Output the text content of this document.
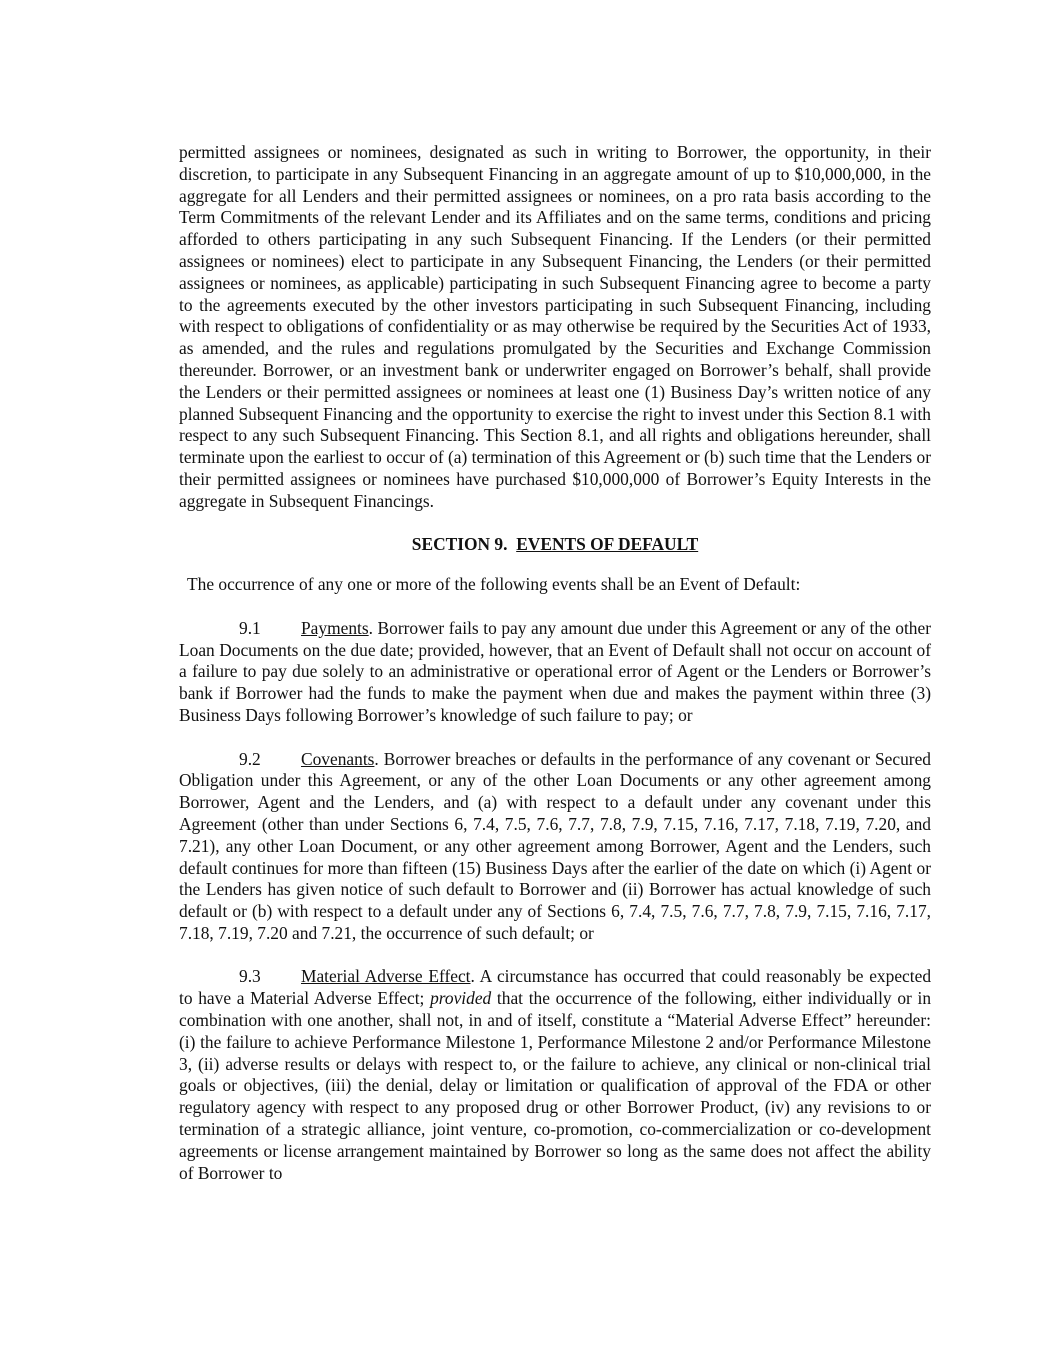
permitted assignees or nominees, designated as such in writing to Borrower, the opportunity, in their discretion, to participate in any Subsequent Financing in an aggregate amount of up to $10,000,000, in the aggregate for all Lenders and their permitted assignees or nominees, on a pro rata basis according to the Term Commitments of the relevant Lender and its Affiliates and on the same terms, conditions and pricing afforded to others participating in any such Subsequent Financing. If the Lenders (or their permitted assignees or nominees) elect to participate in any Subsequent Financing, the Lenders (or their permitted assignees or nominees, as applicable) participating in such Subsequent Financing agree to become a party to the agreements executed by the other investors participating in such Subsequent Financing, including with respect to obligations of confidentiality or as may otherwise be required by the Securities Act of 1933, as amended, and the rules and regulations promulgated by the Securities and Exchange Commission thereunder. Borrower, or an investment bank or underwriter engaged on Borrower’s behalf, shall provide the Lenders or their permitted assignees or nominees at least one (1) Business Day’s written notice of any planned Subsequent Financing and the opportunity to exercise the right to invest under this Section 8.1 with respect to any such Subsequent Financing. This Section 8.1, and all rights and obligations hereunder, shall terminate upon the earliest to occur of (a) termination of this Agreement or (b) such time that the Lenders or their permitted assignees or nominees have purchased $10,000,000 of Borrower’s Equity Interests in the aggregate in Subsequent Financings.

SECTION 9. EVENTS OF DEFAULT

The occurrence of any one or more of the following events shall be an Event of Default:

9.1 Payments. Borrower fails to pay any amount due under this Agreement or any of the other Loan Documents on the due date; provided, however, that an Event of Default shall not occur on account of a failure to pay due solely to an administrative or operational error of Agent or the Lenders or Borrower’s bank if Borrower had the funds to make the payment when due and makes the payment within three (3) Business Days following Borrower’s knowledge of such failure to pay; or

9.2 Covenants. Borrower breaches or defaults in the performance of any covenant or Secured Obligation under this Agreement, or any of the other Loan Documents or any other agreement among Borrower, Agent and the Lenders, and (a) with respect to a default under any covenant under this Agreement (other than under Sections 6, 7.4, 7.5, 7.6, 7.7, 7.8, 7.9, 7.15, 7.16, 7.17, 7.18, 7.19, 7.20, and 7.21), any other Loan Document, or any other agreement among Borrower, Agent and the Lenders, such default continues for more than fifteen (15) Business Days after the earlier of the date on which (i) Agent or the Lenders has given notice of such default to Borrower and (ii) Borrower has actual knowledge of such default or (b) with respect to a default under any of Sections 6, 7.4, 7.5, 7.6, 7.7, 7.8, 7.9, 7.15, 7.16, 7.17, 7.18, 7.19, 7.20 and 7.21, the occurrence of such default; or

9.3 Material Adverse Effect. A circumstance has occurred that could reasonably be expected to have a Material Adverse Effect; provided that the occurrence of the following, either individually or in combination with one another, shall not, in and of itself, constitute a “Material Adverse Effect” hereunder: (i) the failure to achieve Performance Milestone 1, Performance Milestone 2 and/or Performance Milestone 3, (ii) adverse results or delays with respect to, or the failure to achieve, any clinical or non-clinical trial goals or objectives, (iii) the denial, delay or limitation or qualification of approval of the FDA or other regulatory agency with respect to any proposed drug or other Borrower Product, (iv) any revisions to or termination of a strategic alliance, joint venture, co-promotion, co-commercialization or co-development agreements or license arrangement maintained by Borrower so long as the same does not affect the ability of Borrower to
